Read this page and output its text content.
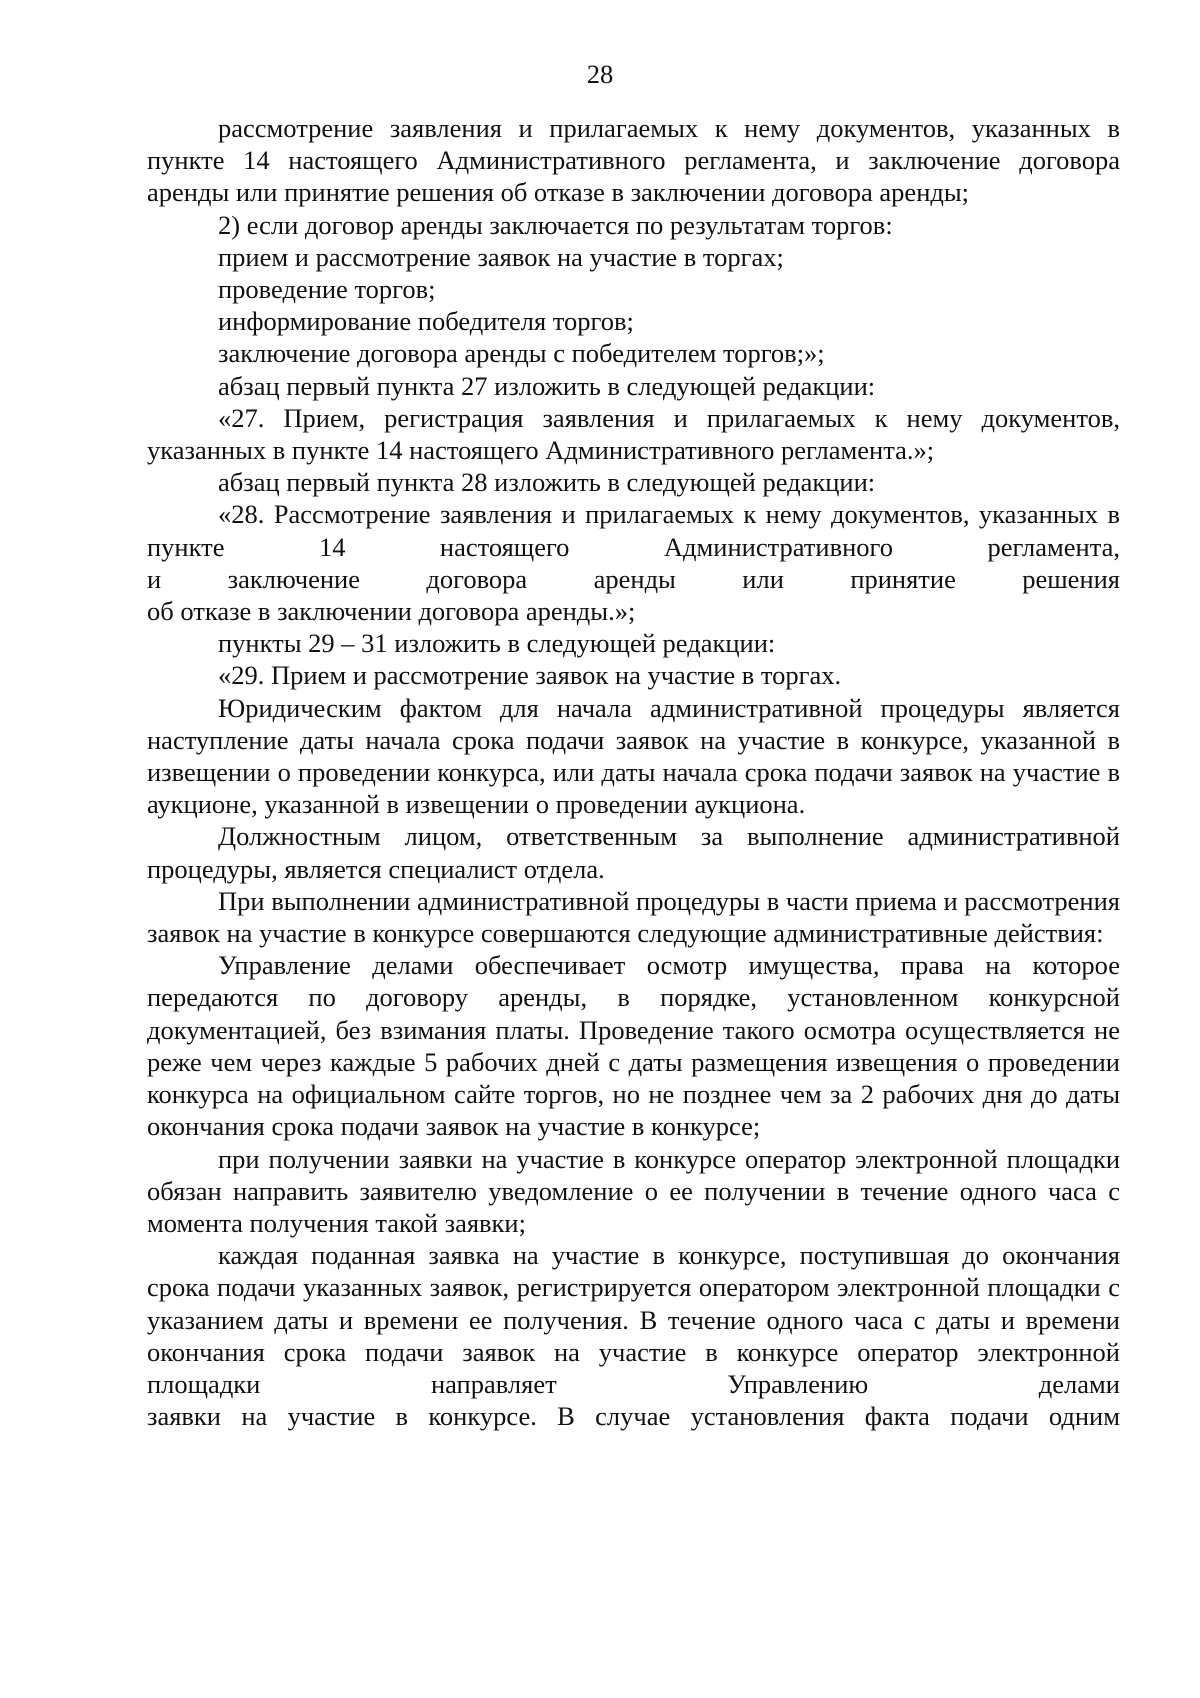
28

рассмотрение заявления и прилагаемых к нему документов, указанных в пункте 14 настоящего Административного регламента, и заключение договора аренды или принятие решения об отказе в заключении договора аренды;

2) если договор аренды заключается по результатам торгов:

прием и рассмотрение заявок на участие в торгах;

проведение торгов;

информирование победителя торгов;

заключение договора аренды с победителем торгов;»;

абзац первый пункта 27 изложить в следующей редакции:

«27. Прием, регистрация заявления и прилагаемых к нему документов, указанных в пункте 14 настоящего Административного регламента.»;

абзац первый пункта 28 изложить в следующей редакции:

«28. Рассмотрение заявления и прилагаемых к нему документов, указанных в пункте 14 настоящего Административного регламента,

и заключение договора аренды или принятие решения

об отказе в заключении договора аренды.»;

пункты 29 – 31 изложить в следующей редакции:

«29. Прием и рассмотрение заявок на участие в торгах.

Юридическим фактом для начала административной процедуры является наступление даты начала срока подачи заявок на участие в конкурсе, указанной в извещении о проведении конкурса, или даты начала срока подачи заявок на участие в аукционе, указанной в извещении о проведении аукциона.

Должностным лицом, ответственным за выполнение административной процедуры, является специалист отдела.

При выполнении административной процедуры в части приема и рассмотрения заявок на участие в конкурсе совершаются следующие административные действия:

Управление делами обеспечивает осмотр имущества, права на которое передаются по договору аренды, в порядке, установленном конкурсной документацией, без взимания платы. Проведение такого осмотра осуществляется не реже чем через каждые 5 рабочих дней с даты размещения извещения о проведении конкурса на официальном сайте торгов, но не позднее чем за 2 рабочих дня до даты окончания срока подачи заявок на участие в конкурсе;

при получении заявки на участие в конкурсе оператор электронной площадки обязан направить заявителю уведомление о ее получении в течение одного часа с момента получения такой заявки;

каждая поданная заявка на участие в конкурсе, поступившая до окончания срока подачи указанных заявок, регистрируется оператором электронной площадки с указанием даты и времени ее получения. В течение одного часа с даты и времени окончания срока подачи заявок на участие в конкурсе оператор электронной площадки направляет Управлению делами

заявки на участие в конкурсе. В случае установления факта подачи одним
